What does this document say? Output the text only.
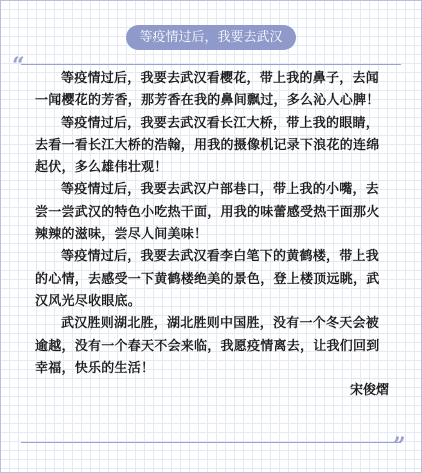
等疫情过后，我要去武汉
“	等疫情过后，我要去武汉看樱花，带上我的鼻子，去闻一闻樱花的芳香，那芳香在我的鼻间飘过，多么沁人心脾！

等疫情过后，我要去武汉看长江大桥，带上我的眼睛，去看一看长江大桥的浩翰，用我的摄像机记录下浪花的连绵起伏，多么雄伟壮观！

等疫情过后，我要去武汉户部巷口，带上我的小嘴，去尝一尝武汉的特色小吃热干面，用我的味蕾感受热干面那火辣辣的滋味，尝尽人间美味！

等疫情过后，我要去武汉看李白笔下的黄鹤楼，带上我的心情，去感受一下黄鹤楼绝美的景色，登上楼顶远眺，武汉风光尽收眼底。

武汉胜则湖北胜，湖北胜则中国胜，没有一个冬天会被逾越，没有一个春天不会来临，我愿疫情离去，让我们回到幸福，快乐的生活！

宋俊熠

”
